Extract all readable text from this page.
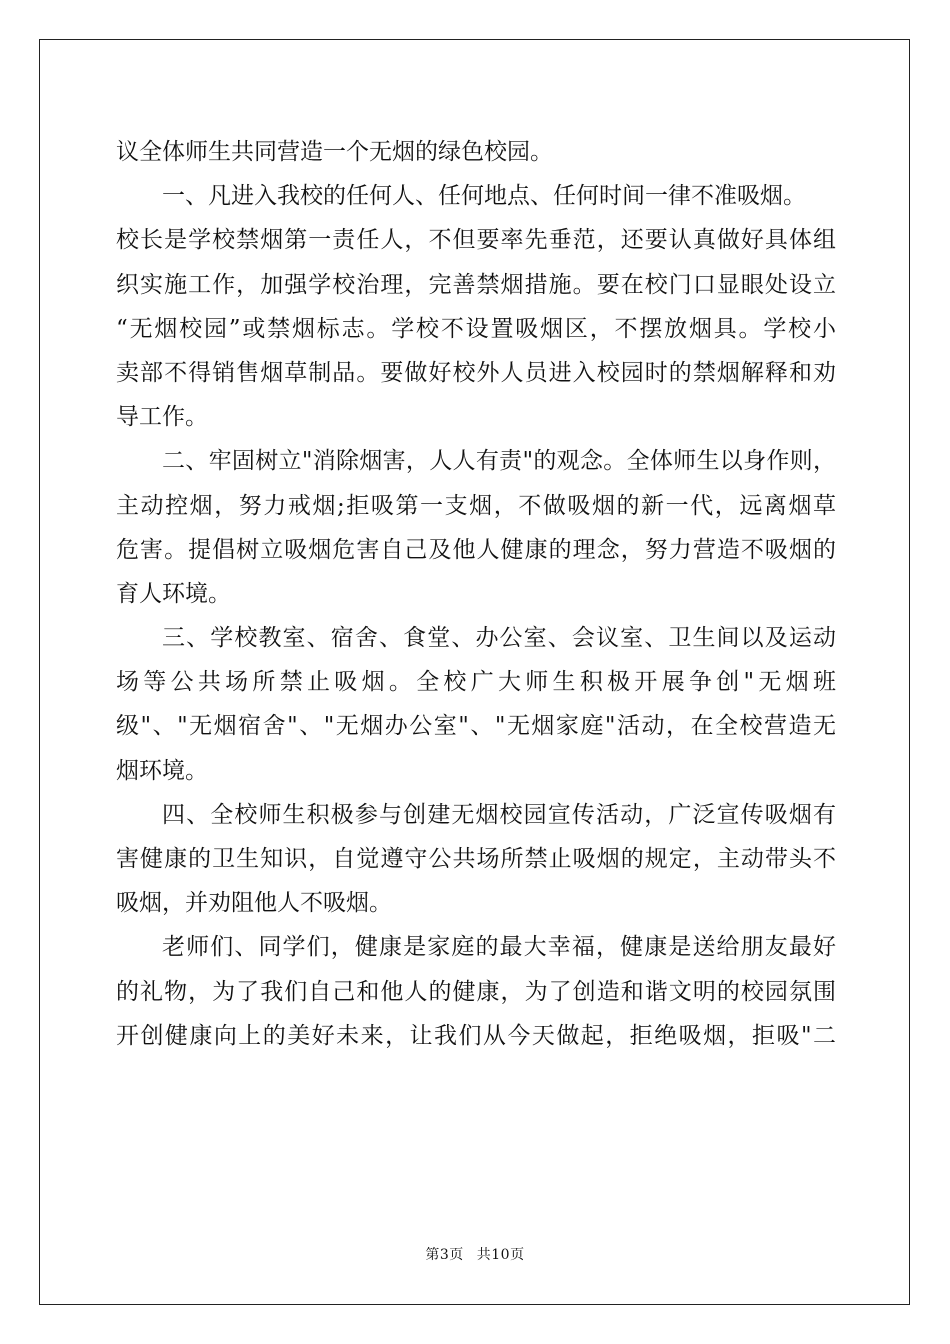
议全体师生共同营造一个无烟的绿色校园。
一、凡进入我校的任何人、任何地点、任何时间一律不准吸烟。
校长是学校禁烟第一责任人，不但要率先垂范，还要认真做好具体组
织实施工作，加强学校治理，完善禁烟措施。要在校门口显眼处设立
“无烟校园”或禁烟标志。学校不设置吸烟区，不摆放烟具。学校小
卖部不得销售烟草制品。要做好校外人员进入校园时的禁烟解释和劝
导工作。
二、牢固树立"消除烟害，人人有责"的观念。全体师生以身作则，
主动控烟，努力戒烟;拒吸第一支烟，不做吸烟的新一代，远离烟草
危害。提倡树立吸烟危害自己及他人健康的理念，努力营造不吸烟的
育人环境。
三、学校教室、宿舍、食堂、办公室、会议室、卫生间以及运动
场等公共场所禁止吸烟。全校广大师生积极开展争创"无烟班
级"、"无烟宿舍"、"无烟办公室"、"无烟家庭"活动，在全校营造无
烟环境。
四、全校师生积极参与创建无烟校园宣传活动，广泛宣传吸烟有
害健康的卫生知识，自觉遵守公共场所禁止吸烟的规定，主动带头不
吸烟，并劝阻他人不吸烟。
老师们、同学们，健康是家庭的最大幸福，健康是送给朋友最好
的礼物，为了我们自己和他人的健康，为了创造和谐文明的校园氛围
开创健康向上的美好未来，让我们从今天做起，拒绝吸烟，拒吸"二
第3页 共10页
